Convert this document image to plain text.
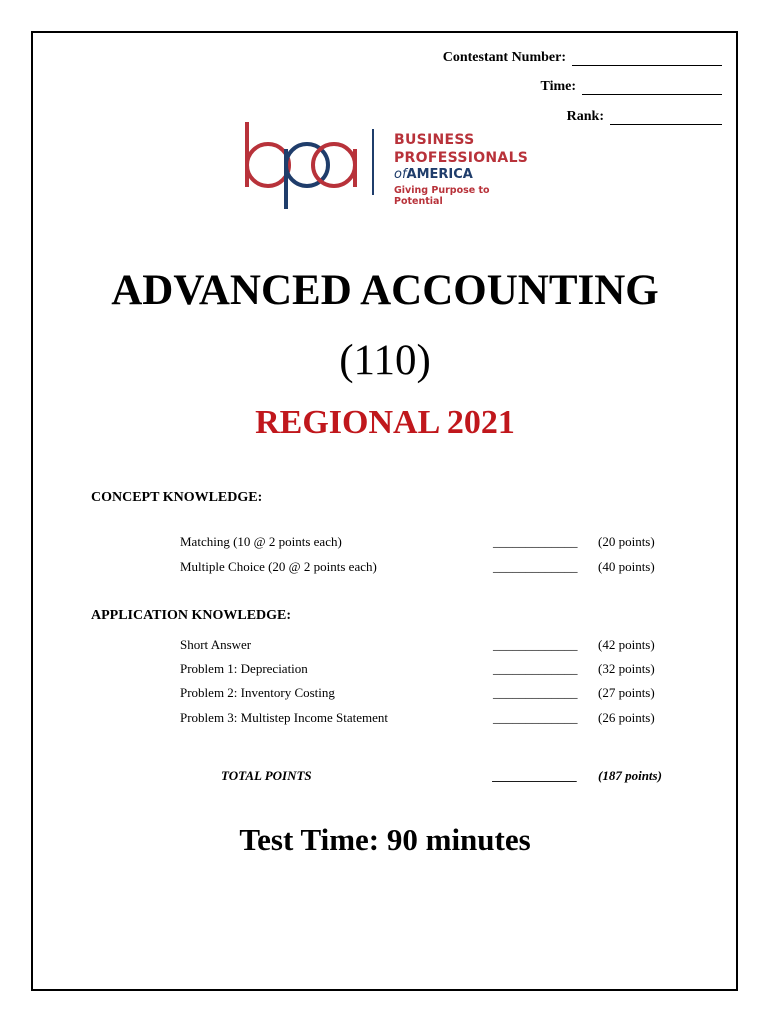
Contestant Number:
Time:
Rank:
BUSINESS
PROFESSIONALS
ofAMERICA
Giving Purpose to Potential
ADVANCED ACCOUNTING
(110)
REGIONAL 2021
CONCEPT KNOWLEDGE:
Matching (10 @ 2 points each)	_____________ (20 points)
Multiple Choice (20 @ 2 points each)	_____________ (40 points)
APPLICATION KNOWLEDGE:
Short Answer	_____________ (42 points)
Problem 1: Depreciation	_____________ (32 points)
Problem 2: Inventory Costing	_____________ (27 points)
Problem 3: Multistep Income Statement	_____________ (26 points)
TOTAL POINTS	_____________ (187 points)
Test Time: 90 minutes
